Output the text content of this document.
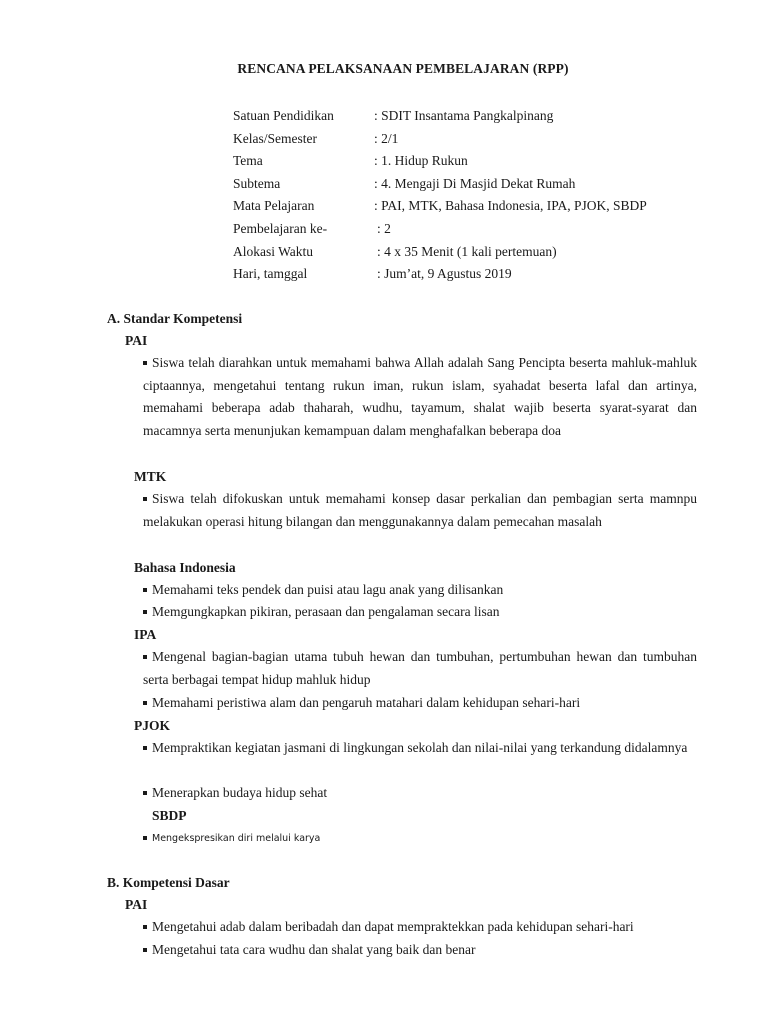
RENCANA PELAKSANAAN PEMBELAJARAN (RPP)
Satuan Pendidikan	: SDIT Insantama Pangkalpinang
Kelas/Semester	: 2/1
Tema	: 1. Hidup Rukun
Subtema	: 4. Mengaji Di Masjid Dekat Rumah
Mata Pelajaran	: PAI, MTK, Bahasa Indonesia, IPA, PJOK, SBDP
Pembelajaran ke-	: 2
Alokasi Waktu	: 4 x 35 Menit (1 kali pertemuan)
Hari, tamggal	: Jum’at, 9 Agustus 2019
A. Standar Kompetensi
PAI
Siswa telah diarahkan untuk memahami bahwa Allah adalah Sang Pencipta beserta mahluk-mahluk ciptaannya, mengetahui tentang rukun iman, rukun islam, syahadat beserta lafal dan artinya, memahami beberapa adab thaharah, wudhu, tayamum, shalat wajib beserta syarat-syarat dan macamnya serta menunjukan kemampuan dalam menghafalkan beberapa doa
MTK
Siswa telah difokuskan untuk memahami konsep dasar perkalian dan pembagian serta mamnpu melakukan operasi hitung bilangan dan menggunakannya dalam pemecahan masalah
Bahasa Indonesia
Memahami teks pendek dan puisi atau lagu anak yang dilisankan
Memgungkapkan pikiran, perasaan dan pengalaman secara lisan
IPA
Mengenal bagian-bagian utama tubuh hewan dan tumbuhan, pertumbuhan hewan dan tumbuhan serta berbagai tempat hidup mahluk hidup
Memahami peristiwa alam dan pengaruh matahari dalam kehidupan sehari-hari
PJOK
Mempraktikan kegiatan jasmani di lingkungan sekolah dan nilai-nilai yang terkandung didalamnya
Menerapkan budaya hidup sehat
SBDP
Mengekspresikan diri melalui karya
B. Kompetensi Dasar
PAI
Mengetahui adab dalam beribadah dan dapat mempraktekkan pada kehidupan sehari-hari
Mengetahui tata cara wudhu dan shalat yang baik dan benar
